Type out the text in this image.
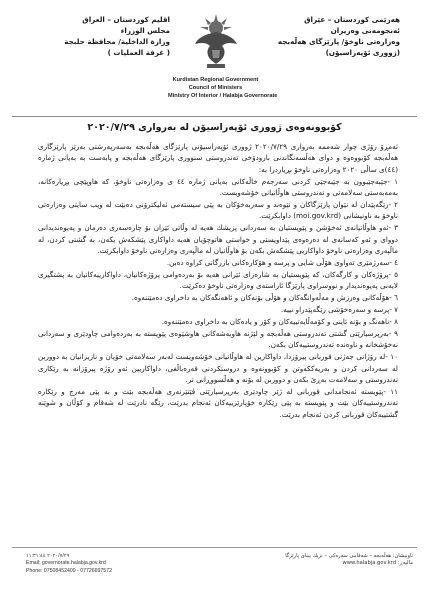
هەرێمی كوردستان – عێراق
ئەنجومەنی وەزیران
وەزارەتی ناوخۆ/ پارێزگای هەڵەبجە
(ژووری ئۆپەراسیۆن)
Kurdistan Regional Government
Council of Ministers
Ministry Of Interior / Halabja Governorate
اقليم كوردستان – العراق
مجلس الوزراء
وزارة الداخلية/ محافظة حلبجة
( غرفة العمليات )
كۆبوونەوەی ژووری ئۆپەراسیۆن لە بەرواری ٢٠٢٠/٧/٢٩

ئەمڕۆ رۆژی چوار شەممە بەرواری ٢٠٢٠/٧/٢٩ ژووری ئۆپەراسیۆنی پارێزگای هەڵەبجە بەسەرپەرشتی بەرێز پارێزگاری هەڵەبجە كۆبووەوە و دوای هەڵسەنگاندنی بارودۆخی تەندروستی سنووری پارێزگای هەڵەبجە و پابەست بە بەیانی ژمارە (٤٤)ی ساڵی ٢٠٢٠ وەزارەتی ناوخۆ بڕیاردرا بە:

١ -جێبەجێبوون بە جێبەجێی كردنی سەرجەم خاڵەكانی بەیانی ژمارە ٤٤ ی وەزارەتی ناوخۆ، كە هاوپێچی بڕیارەكانە، بەمەبەستی سەلامەتی و تەندروستی هاوڵاتیانی خۆشەویست.

٢ -رێگەپێدان لە نێوان پارێزگاكان و نێوەند و سەربەخۆكان بە پێی سیستەمی ئەلیكترۆنی دەبێت لە ویب سایتی وەزارەتی ناوخۆ بە ناونیشانی (moi.gov.krd) داوابكرێت.

٣ -ئەو هاوڵاتیانەی ئەخۆشن و پێویستیان بە سەردانی پزیشك هەیە لە وڵاتی ئێران بۆ چارەسەری دەرمان و پەیوەندیدانی دووای و ئەو كەسانەی لە دەرەوەی پێداویستی و خواستی هاتوچۆیان هەیە داواكاری پێشكەش بكەن، بە گشتی كردن، لە ماڵپەری وەزارەتی ناوخۆ داواكاریی پێشكەش بكەن بۆ هاوڵاتیان لە ماڵپەری وەزارەتی ناوخۆ داوابكرێت.

٤ -سەرژمێری تەواوی هۆڵی شایی و پرسە و هۆكارەكانی بازرگانی كراوە دەبن.

٥ -پرۆژەكان و كارگەكان، كە پێویستیان بە شارەزای ئێرانی هەیە بۆ بەردەوامی پرۆژەكانیان، داواكارییەكانیان بە پشتگیری لایەنی پەیوەندیدار و نووسراوی پارێزگا ئاراستەی وەزارەتی ناوخۆ دەكرێت.

٦ -هۆڵەكانی وەرزش و مەڵەوانگەكان و هۆڵی بۆنەكان و ئاهەنگەكان بە داخراوی دەمێننەوە.

٧ -پرسە و سەرەخۆشی رێگەپێدراو نییە.

٨ -ناهەنگ و بۆنە ئاینی و كۆمەڵایەتییەكان و كۆر و یادەكان بە داخراوی دەمێننەوە.

٩ -بەرپرسیارێتی گشتی تەندروستی هەڵەبجە و لێژنە هاوبەشەكانی هاوشێوەی پێویستە بە بەردەوامی چاودێری و سەردانی نەخۆشخانە و ناوەندە تەندروستییەكان بكەن.

١٠ -لە رۆژانی جەژنی قوربانی پیرۆزدا، داواكارین لە هاوڵاتیانی خۆشەویست لەبەر سەلامەتی خۆیان و نازیزانیان بە دووربن لە سەردانی كردن و بەریەككەوتن و كۆبوونەوە و دروستكردنی قەرەباڵغی، داواكاریین ئەو رۆژە پیرۆزانە بە رێكاری تەندروستی و سەلامەت بەڕێ بكەن و دووربن لە بۆنە و هەڵسووڕانی تر.

١١ -پێویستە ئەنجامدانی قوربانی لە ژێر چاودێری بەرپرسیارێتی ڤێتێرنەری هەڵەبجە بێت و بە پێی مەرج و رێكارە تەندروستییەكان بێت و پێویستە بە پێی رێكارە خۆپارێزییەكان ئەنجام بدرێت، رێگە نادرێت لە شەقام و كۆڵان و شوێنە گشتییەكان قوربانی كردن ئەنجام بدرێت.

٢٠٢٠/٧/٢٩ ١١:٣١:٤٤
Email: governorate.halabja.gov.krd
Phone: 07508452409 - 07726697572
ناونیشان: هەڵەبجە – شەقامی سەرەكی – نزیك بینای پارێزگا
مالپەڕ: www.halabja.gov.krd
